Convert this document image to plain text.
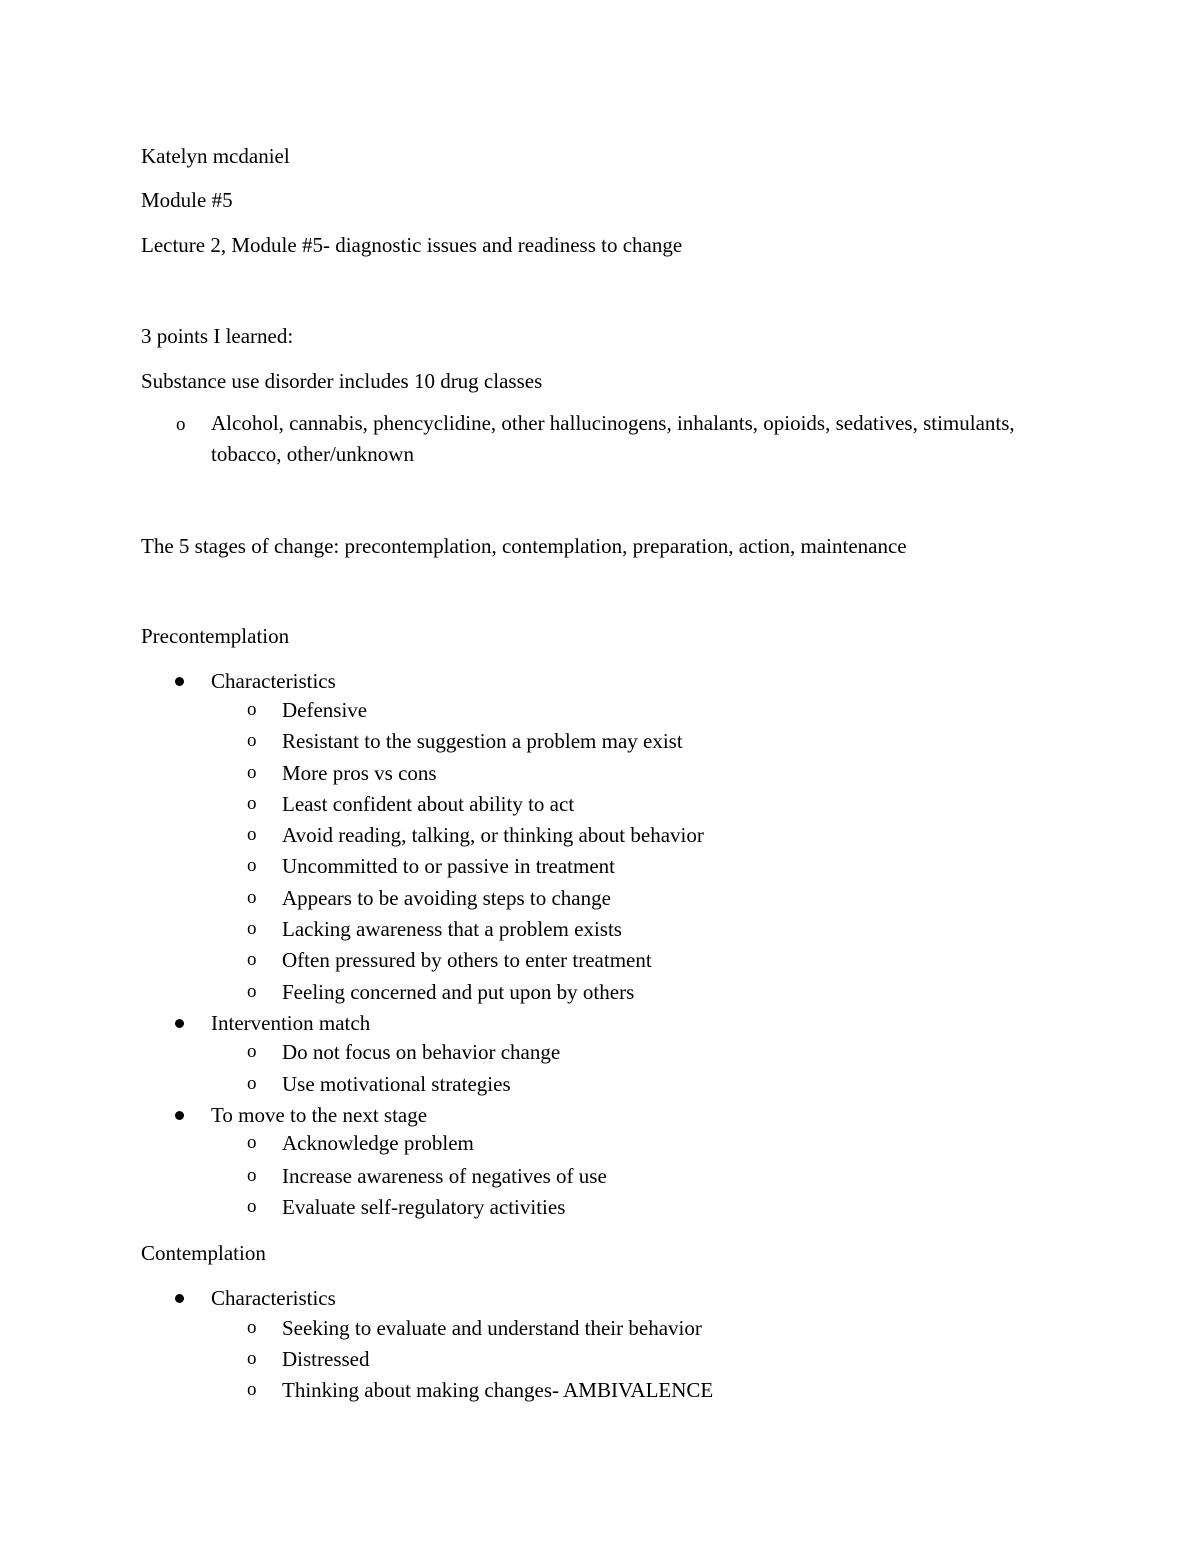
Katelyn mcdaniel
Module #5
Lecture 2, Module #5- diagnostic issues and readiness to change
3 points I learned:
Substance use disorder includes 10 drug classes
o Alcohol, cannabis, phencyclidine, other hallucinogens, inhalants, opioids, sedatives, stimulants, tobacco, other/unknown
The 5 stages of change: precontemplation, contemplation, preparation, action, maintenance
Precontemplation
Characteristics
o Defensive
o Resistant to the suggestion a problem may exist
o More pros vs cons
o Least confident about ability to act
o Avoid reading, talking, or thinking about behavior
o Uncommitted to or passive in treatment
o Appears to be avoiding steps to change
o Lacking awareness that a problem exists
o Often pressured by others to enter treatment
o Feeling concerned and put upon by others
Intervention match
o Do not focus on behavior change
o Use motivational strategies
To move to the next stage
o Acknowledge problem
o Increase awareness of negatives of use
o Evaluate self-regulatory activities
Contemplation
Characteristics
o Seeking to evaluate and understand their behavior
o Distressed
o Thinking about making changes- AMBIVALENCE
